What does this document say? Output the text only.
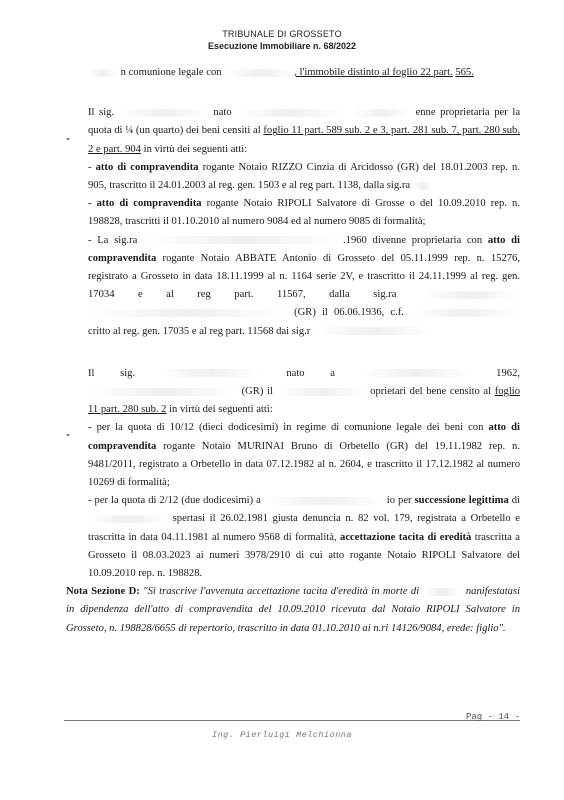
TRIBUNALE DI GROSSETO
Esecuzione Immobiliare n. 68/2022
-
-

n comunione legale con	, l'immobile distinto al foglio 22 part. 565.

Il sig.	nato	enne proprietaria per la quota di ¼ (un quarto) dei beni censiti al foglio 11 part. 589 sub. 2 e 3, part. 281 sub. 7, part. 280 sub. 2 e part. 904 in virtù dei seguenti atti:
- atto di compravendita rogante Notaio RIZZO Cinzia di Arcidosso (GR) del 18.01.2003 rep. n. 905, trascritto il 24.01.2003 al reg. gen. 1503 e al reg part. 1138, dalla sig.ra
- atto di compravendita rogante Notaio RIPOLI Salvatore di Grosse o del 10.09.2010 rep. n. 198828, trascritti il 01.10.2010 al numero 9084 ed al numero 9085 di formalità;
- La sig.ra	.1960 divenne proprietaria con atto di compravendita rogante Notaio ABBATE Antonio di Grosseto del 05.11.1999 rep. n. 15276, registrato a Grosseto in data 18.11.1999 al n. 1164 serie 2V, e trascritto il 24.11.1999 al reg. gen. 17034 e al reg part. 11567, dalla sig.ra   (GR) il 06.06.1936, c.f.  critto al reg. gen. 17035 e al reg part. 11568 dai sig.r

Il sig.	nato a	1962,  (GR) il	oprietari del bene censito al foglio 11 part. 280 sub. 2 in virtù dei seguenti atti:
- per la quota di 10/12 (dieci dodicesimi) in regime di comunione legale dei beni con atto di compravendita rogante Notaio MURINAI Bruno di Orbetello (GR) del 19.11.1982 rep. n. 9481/2011, registrato a Orbetello in data 07.12.1982 al n. 2604, e trascritto il 17.12.1982 al numero 10269 di formalità;
- per la quota di 2/12 (due dodicesimi) a	io per successione legittima di  spertasi il 26.02.1981 giusta denuncia n. 82 vol. 179, registrata a Orbetello e trascritta in data 04.11.1981 al numero 9568 di formalità, accettazione tacita di eredità trascritta a Grosseto il 08.03.2023 ai numeri 3978/2910 di cui atto rogante Notaio RIPOLI Salvatore del 10.09.2010 rep. n. 198828.

Nota Sezione D: "Si trascrive l'avvenuta accettazione tacita d'eredità in morte di	nanifestatasi in dipendenza dell'atto di compravendita del 10.09.2010 ricevuta dal Notaio RIPOLI Salvatore in Grosseto, n. 198828/6655 di repertorio, trascritto in data 01.10.2010 ai n.ri 14126/9084, erede: figlio".

Pag - 14 -
Ing. Pierluigi Melchionna
